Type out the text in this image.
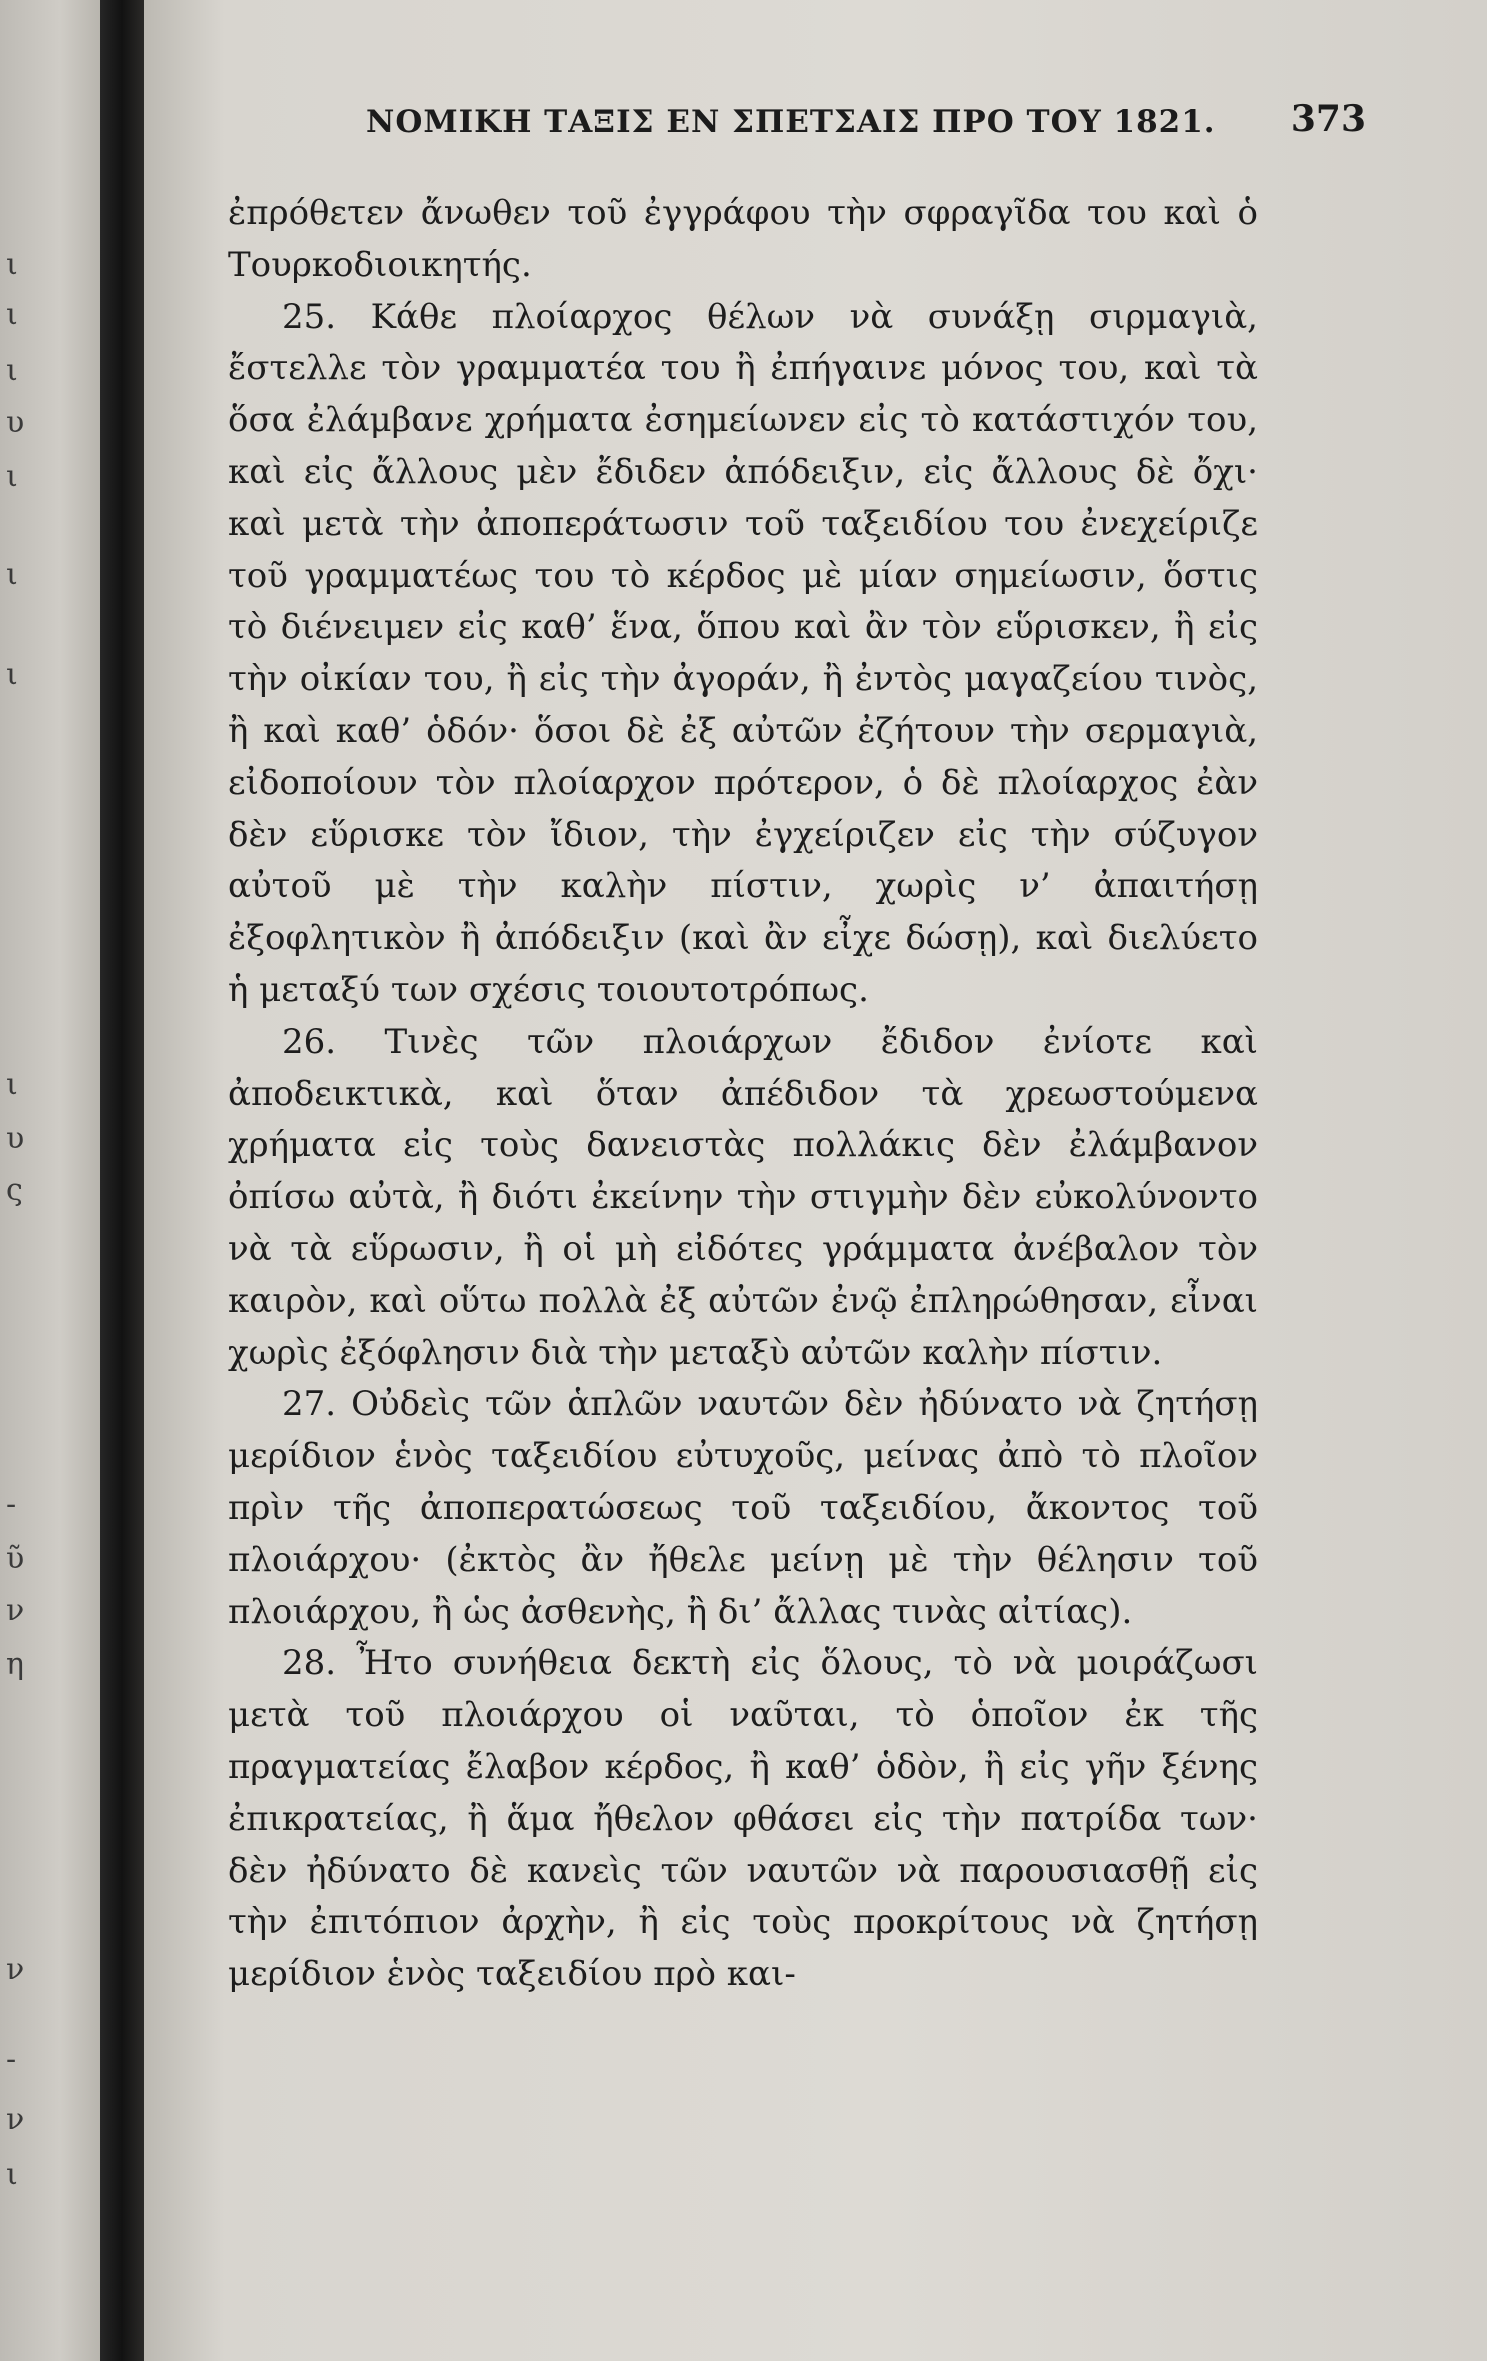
ι
ι
ι
υ
ι
ι
ι
ι
υ
ς
-
ῦ
ν
η
ν
-
ν
ι
ΝΟΜΙΚΗ ΤΑΞΙΣ ΕΝ ΣΠΕΤΣΑΙΣ ΠΡΟ ΤΟΥ 1821. 373

ἐπρόθετεν ἄνωθεν τοῦ ἐγγράφου τὴν σφραγῖδα του καὶ ὁ Τουρκοδιοικητής.

25. Κάθε πλοίαρχος θέλων νὰ συνάξῃ σιρμαγιὰ, ἔστελλε τὸν γραμματέα του ἢ ἐπήγαινε μόνος του, καὶ τὰ ὅσα ἐλάμβανε χρήματα ἐσημείωνεν εἰς τὸ κατάστιχόν του, καὶ εἰς ἄλλους μὲν ἔδιδεν ἀπόδειξιν, εἰς ἄλλους δὲ ὄχι· καὶ μετὰ τὴν ἀποπεράτωσιν τοῦ ταξειδίου του ἐνεχείριζε τοῦ γραμματέως του τὸ κέρδος μὲ μίαν σημείωσιν, ὅστις τὸ διένειμεν εἰς καθ’ ἕνα, ὅπου καὶ ἂν τὸν εὕρισκεν, ἢ εἰς τὴν οἰκίαν του, ἢ εἰς τὴν ἀγοράν, ἢ ἐντὸς μαγαζείου τινὸς, ἢ καὶ καθ’ ὁδόν· ὅσοι δὲ ἐξ αὐτῶν ἐζήτουν τὴν σερμαγιὰ, εἰδοποίουν τὸν πλοίαρχον πρότερον, ὁ δὲ πλοίαρχος ἐὰν δὲν εὕρισκε τὸν ἴδιον, τὴν ἐγχείριζεν εἰς τὴν σύζυγον αὐτοῦ μὲ τὴν καλὴν πίστιν, χωρὶς ν’ ἀπαιτήσῃ ἐξοφλητικὸν ἢ ἀπόδειξιν (καὶ ἂν εἶχε δώσῃ), καὶ διελύετο ἡ μεταξύ των σχέσις τοιουτοτρόπως.

26. Τινὲς τῶν πλοιάρχων ἔδιδον ἐνίοτε καὶ ἀποδεικτικὰ, καὶ ὅταν ἀπέδιδον τὰ χρεωστούμενα χρήματα εἰς τοὺς δανειστὰς πολλάκις δὲν ἐλάμβανον ὀπίσω αὐτὰ, ἢ διότι ἐκείνην τὴν στιγμὴν δὲν εὐκολύνοντο νὰ τὰ εὕρωσιν, ἢ οἱ μὴ εἰδότες γράμματα ἀνέβαλον τὸν καιρὸν, καὶ οὕτω πολλὰ ἐξ αὐτῶν ἐνῷ ἐπληρώθησαν, εἶναι χωρὶς ἐξόφλησιν διὰ τὴν μεταξὺ αὐτῶν καλὴν πίστιν.

27. Οὐδεὶς τῶν ἁπλῶν ναυτῶν δὲν ἠδύνατο νὰ ζητήσῃ μερίδιον ἑνὸς ταξειδίου εὐτυχοῦς, μείνας ἀπὸ τὸ πλοῖον πρὶν τῆς ἀποπερατώσεως τοῦ ταξειδίου, ἄκοντος τοῦ πλοιάρχου· (ἐκτὸς ἂν ἤθελε μείνῃ μὲ τὴν θέλησιν τοῦ πλοιάρχου, ἢ ὡς ἀσθενὴς, ἢ δι’ ἄλλας τινὰς αἰτίας).

28. Ἦτο συνήθεια δεκτὴ εἰς ὅλους, τὸ νὰ μοιράζωσι μετὰ τοῦ πλοιάρχου οἱ ναῦται, τὸ ὁποῖον ἐκ τῆς πραγματείας ἔλαβον κέρδος, ἢ καθ’ ὁδὸν, ἢ εἰς γῆν ξένης ἐπικρατείας, ἢ ἅμα ἤθελον φθάσει εἰς τὴν πατρίδα των· δὲν ἠδύνατο δὲ κανεὶς τῶν ναυτῶν νὰ παρουσιασθῇ εἰς τὴν ἐπιτόπιον ἀρχὴν, ἢ εἰς τοὺς προκρίτους νὰ ζητήσῃ μερίδιον ἑνὸς ταξειδίου πρὸ και-
